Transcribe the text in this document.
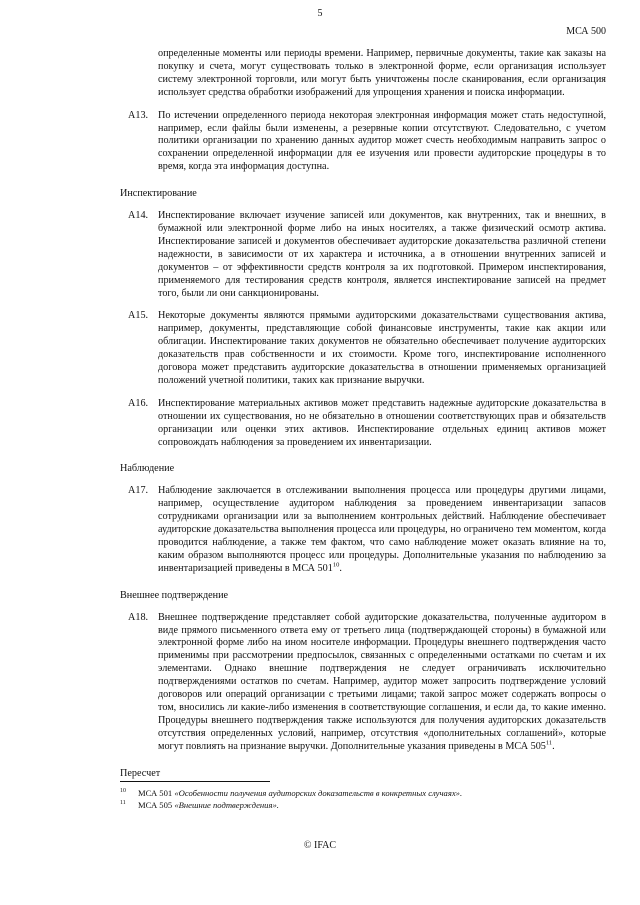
5
МСА 500

определенные моменты или периоды времени. Например, первичные документы, такие как заказы на покупку и счета, могут существовать только в электронной форме, если организация использует систему электронной торговли, или могут быть уничтожены после сканирования, если организация использует средства обработки изображений для упрощения хранения и поиска информации.

A13. По истечении определенного периода некоторая электронная информация может стать недоступной, например, если файлы были изменены, а резервные копии отсутствуют. Следовательно, с учетом политики организации по хранению данных аудитор может счесть необходимым направить запрос о сохранении определенной информации для ее изучения или провести аудиторские процедуры в то время, когда эта информация доступна.

Инспектирование

A14. Инспектирование включает изучение записей или документов, как внутренних, так и внешних, в бумажной или электронной форме либо на иных носителях, а также физический осмотр актива. Инспектирование записей и документов обеспечивает аудиторские доказательства различной степени надежности, в зависимости от их характера и источника, а в отношении внутренних записей и документов – от эффективности средств контроля за их подготовкой. Примером инспектирования, применяемого для тестирования средств контроля, является инспектирование записей на предмет того, были ли они санкционированы.

A15. Некоторые документы являются прямыми аудиторскими доказательствами существования актива, например, документы, представляющие собой финансовые инструменты, такие как акции или облигации. Инспектирование таких документов не обязательно обеспечивает получение аудиторских доказательств прав собственности и их стоимости. Кроме того, инспектирование исполненного договора может представить аудиторские доказательства в отношении применяемых организацией положений учетной политики, таких как признание выручки.

A16. Инспектирование материальных активов может представить надежные аудиторские доказательства в отношении их существования, но не обязательно в отношении соответствующих прав и обязательств организации или оценки этих активов. Инспектирование отдельных единиц активов может сопровождать наблюдения за проведением их инвентаризации.

Наблюдение

A17. Наблюдение заключается в отслеживании выполнения процесса или процедуры другими лицами, например, осуществление аудитором наблюдения за проведением инвентаризации запасов сотрудниками организации или за выполнением контрольных действий. Наблюдение обеспечивает аудиторские доказательства выполнения процесса или процедуры, но ограничено тем моментом, когда проводится наблюдение, а также тем фактом, что само наблюдение может оказать влияние на то, каким образом выполняются процесс или процедуры. Дополнительные указания по наблюдению за инвентаризацией приведены в МСА $501^{10}$.

Внешнее подтверждение

A18. Внешнее подтверждение представляет собой аудиторские доказательства, полученные аудитором в виде прямого письменного ответа ему от третьего лица (подтверждающей стороны) в бумажной или электронной форме либо на ином носителе информации. Процедуры внешнего подтверждения часто применимы при рассмотрении предпосылок, связанных с определенными остатками по счетам и их элементами. Однако внешние подтверждения не следует ограничивать исключительно подтверждениями остатков по счетам. Например, аудитор может запросить подтверждение условий договоров или операций организации с третьими лицами; такой запрос может содержать вопросы о том, вносились ли какие-либо изменения в соответствующие соглашения, и если да, то какие именно. Процедуры внешнего подтверждения также используются для получения аудиторских доказательств отсутствия определенных условий, например, отсутствия «дополнительных соглашений», которые могут повлиять на признание выручки. Дополнительные указания приведены в МСА $505^{11}$.

Пересчет
10 МСА 501 «Особенности получения аудиторских доказательств в конкретных случаях».
11 МСА 505 «Внешние подтверждения».
© IFAC
